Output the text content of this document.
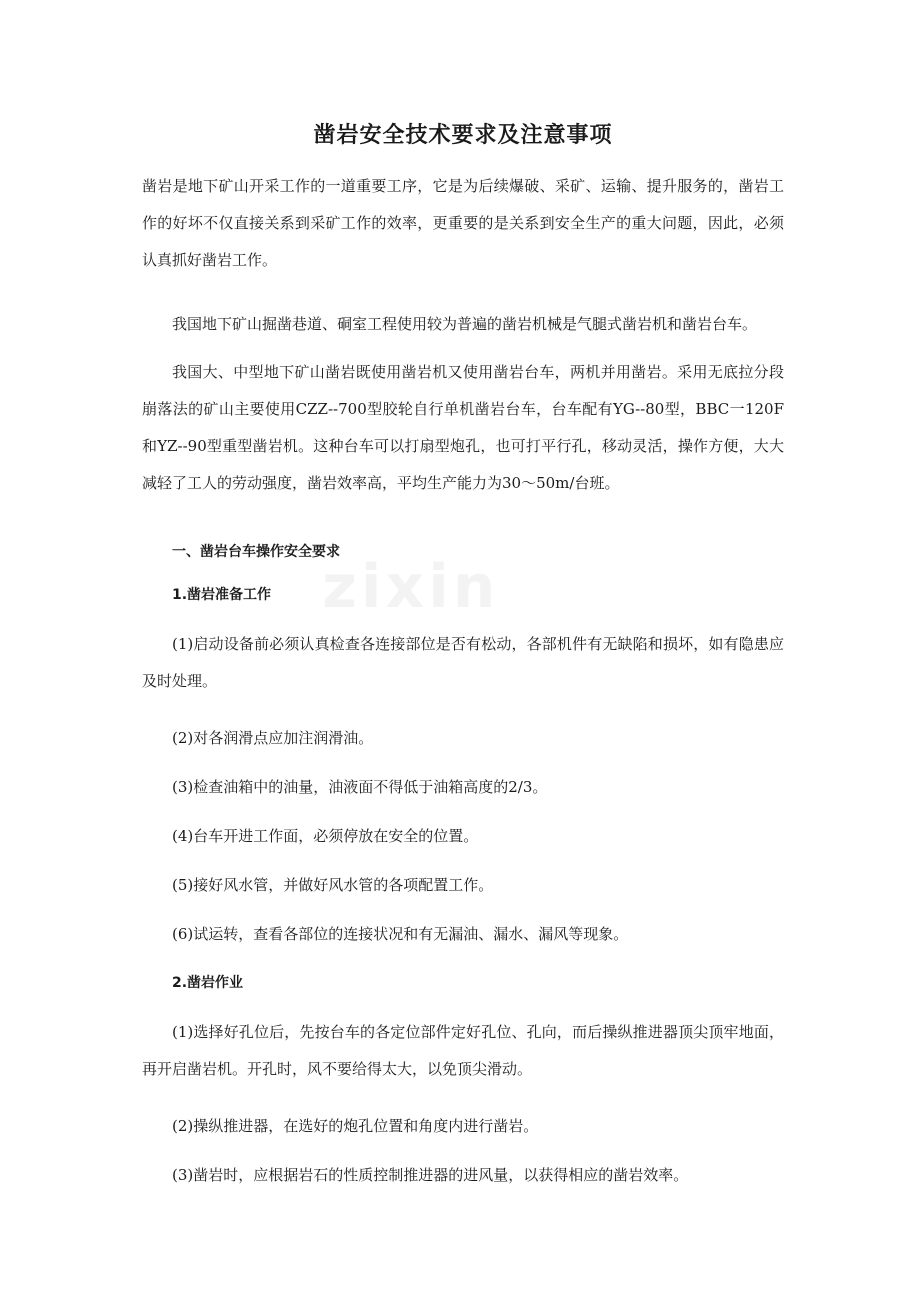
凿岩安全技术要求及注意事项

凿岩是地下矿山开采工作的一道重要工序，它是为后续爆破、采矿、运输、提升服务的，凿岩工作的好坏不仅直接关系到采矿工作的效率，更重要的是关系到安全生产的重大问题，因此，必须认真抓好凿岩工作。

我国地下矿山掘凿巷道、硐室工程使用较为普遍的凿岩机械是气腿式凿岩机和凿岩台车。

我国大、中型地下矿山凿岩既使用凿岩机又使用凿岩台车，两机并用凿岩。采用无底拉分段崩落法的矿山主要使用CZZ--700型胶轮自行单机凿岩台车，台车配有YG--80型，BBC一120F和YZ--90型重型凿岩机。这种台车可以打扇型炮孔，也可打平行孔，移动灵活，操作方便，大大减轻了工人的劳动强度，凿岩效率高，平均生产能力为30～50m/台班。

一、凿岩台车操作安全要求
1.凿岩准备工作

(1)启动设备前必须认真检查各连接部位是否有松动，各部机件有无缺陷和损坏，如有隐患应及时处理。

(2)对各润滑点应加注润滑油。

(3)检查油箱中的油量，油液面不得低于油箱高度的2/3。

(4)台车开进工作面，必须停放在安全的位置。

(5)接好风水管，并做好风水管的各项配置工作。

(6)试运转，查看各部位的连接状况和有无漏油、漏水、漏风等现象。

2.凿岩作业

(1)选择好孔位后，先按台车的各定位部件定好孔位、孔向，而后操纵推进器顶尖顶牢地面，再开启凿岩机。开孔时，风不要给得太大，以免顶尖滑动。

(2)操纵推进器，在选好的炮孔位置和角度内进行凿岩。

(3)凿岩时，应根据岩石的性质控制推进器的进风量，以获得相应的凿岩效率。
